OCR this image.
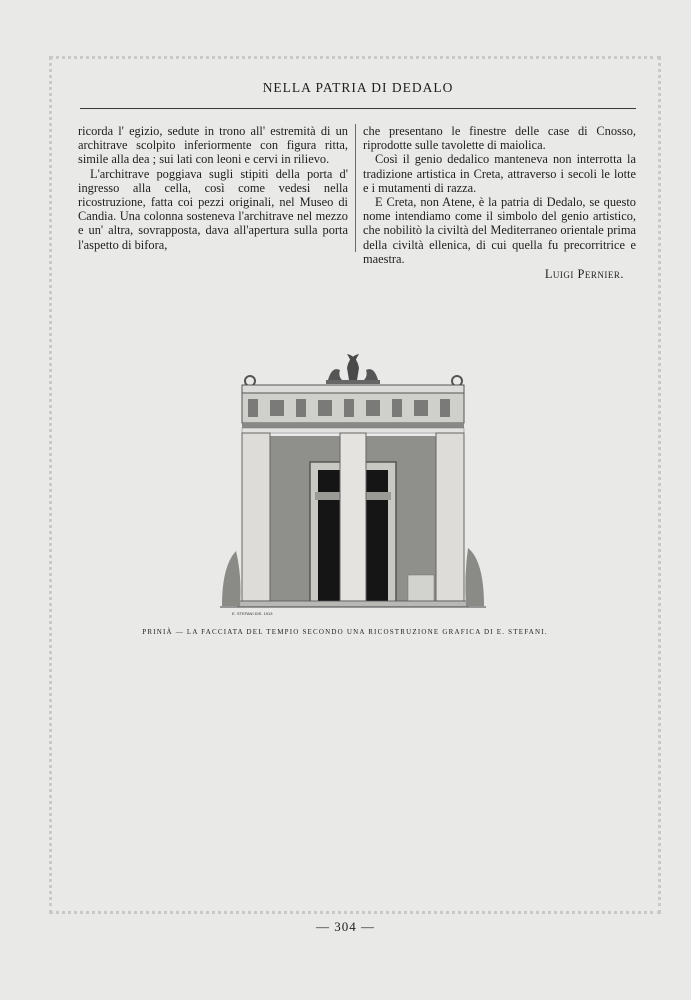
NELLA PATRIA DI DEDALO

ricorda l' egizio, sedute in trono all' estremità di un architrave scolpito inferiormente con figura ritta, simile alla dea ; sui lati con leoni e cervi in rilievo.

L'architrave poggiava sugli stipiti della porta d' ingresso alla cella, così come vedesi nella ricostruzione, fatta coi pezzi originali, nel Museo di Candia. Una colonna sosteneva l'architrave nel mezzo e un' altra, sovrapposta, dava all'apertura sulla porta l'aspetto di bifora,

che presentano le finestre delle case di Cnosso, riprodotte sulle tavolette di maiolica.

Così il genio dedalico manteneva non interrotta la tradizione artistica in Creta, attraverso i secoli le lotte e i mutamenti di razza.

E Creta, non Atene, è la patria di Dedalo, se questo nome intendiamo come il simbolo del genio artistico, che nobilitò la civiltà del Mediterraneo orientale prima della civiltà ellenica, di cui quella fu precorritrice e maestra.

Luigi Pernier.
E. STEFANI DIS. 1913
PRINIÀ — LA FACCIATA DEL TEMPIO SECONDO UNA RICOSTRUZIONE GRAFICA DI E. STEFANI.
— 304 —
